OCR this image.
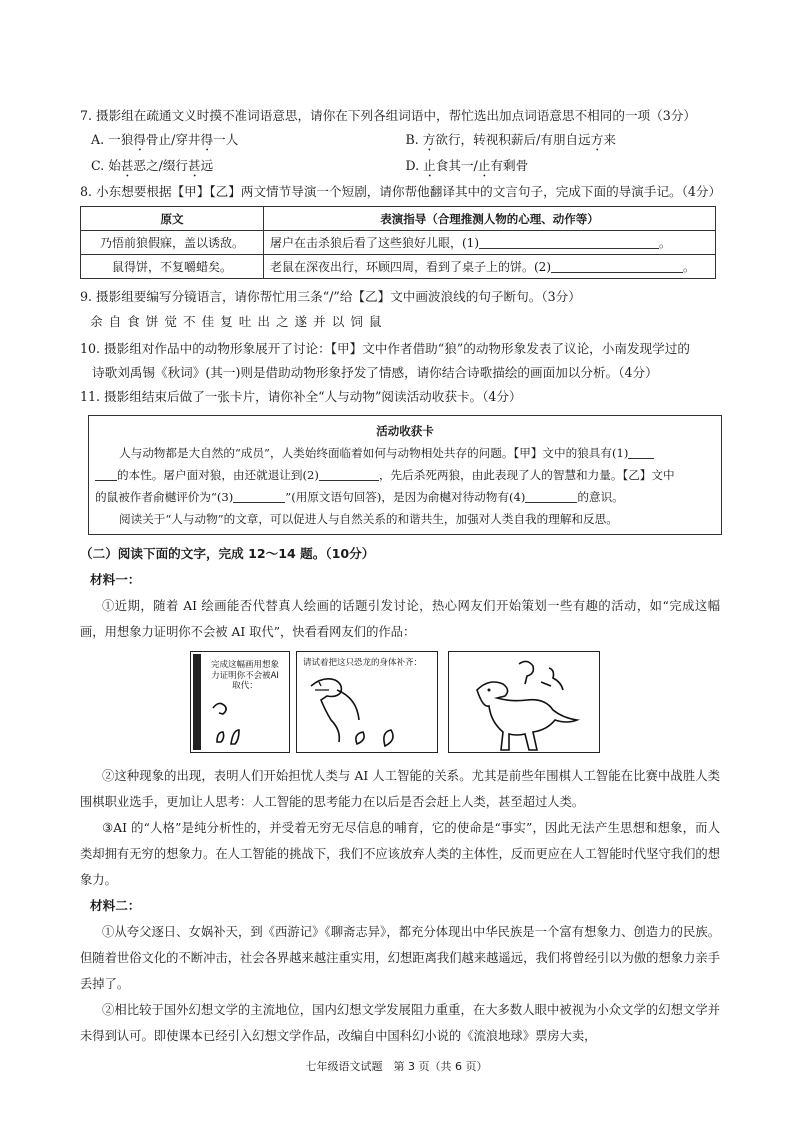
7. 摄影组在疏通文义时摸不准词语意思，请你在下列各组词语中，帮忙选出加点词语意思不相同的一项（3分）

A. 一狼得骨止/穿井得一人	B. 方欲行，转视积薪后/有朋自远方来
C. 始甚恶之/缀行甚远	D. 止食其一/止有剩骨

8. 小东想要根据【甲】【乙】两文情节导演一个短剧，请你帮他翻译其中的文言句子，完成下面的导演手记。（4分）

原文	表演指导（合理推测人物的心理、动作等）
乃悟前狼假寐，盖以诱敌。	屠户在击杀狼后看了这些狼好儿眼，(1) 。
鼠得饼，不复嚼蜡矣。	老鼠在深夜出行，环顾四周，看到了桌子上的饼。(2) 。

9. 摄影组要编写分镜语言，请你帮忙用三条“/”给【乙】文中画波浪线的句子断句。（3分）

余自食饼觉不佳复吐出之遂并以饲鼠

10. 摄影组对作品中的动物形象展开了讨论：【甲】文中作者借助“狼”的动物形象发表了议论，小南发现学过的

诗歌刘禹锡《秋词》(其一)则是借助动物形象抒发了情感，请你结合诗歌描绘的画面加以分析。（4分）

11. 摄影组结束后做了一张卡片，请你补全“人与动物”阅读活动收获卡。（4分）

活动收获卡

人与动物都是大自然的“成员”，人类始终面临着如何与动物相处共存的问题。【甲】文中的狼具有(1)

的本性。屠户面对狼，由还就退让到(2)	，先后杀死两狼，由此表现了人的智慧和力量。【乙】文中

的鼠被作者俞樾评价为“(3)	”(用原文语句回答)，是因为俞樾对待动物有(4)	的意识。

阅读关于“人与动物”的文章，可以促进人与自然关系的和谐共生，加强对人类自我的理解和反思。

（二）阅读下面的文字，完成 12～14 题。（10分）
材料一：

①近期，随着 AI 绘画能否代替真人绘画的话题引发讨论，热心网友们开始策划一些有趣的活动，如“完成这幅画，用想象力证明你不会被 AI 取代”，快看看网友们的作品：

完成这幅画用想象力证明你不会被AI取代：
请试着把这只恐龙的身体补齐：

②这种现象的出现，表明人们开始担忧人类与 AI 人工智能的关系。尤其是前些年围棋人工智能在比赛中战胜人类围棋职业选手，更加让人思考：人工智能的思考能力在以后是否会赶上人类，甚至超过人类。

③AI 的“人格”是纯分析性的，并受着无穷无尽信息的哺育，它的使命是“事实”，因此无法产生思想和想象，而人类却拥有无穷的想象力。在人工智能的挑战下，我们不应该放弃人类的主体性，反而更应在人工智能时代坚守我们的想象力。

材料二：

①从夸父逐日、女娲补天，到《西游记》《聊斋志异》，都充分体现出中华民族是一个富有想象力、创造力的民族。但随着世俗文化的不断冲击，社会各界越来越注重实用，幻想距离我们越来越遥远，我们将曾经引以为傲的想象力亲手丢掉了。

②相比较于国外幻想文学的主流地位，国内幻想文学发展阻力重重，在大多数人眼中被视为小众文学的幻想文学并未得到认可。即使课本已经引入幻想文学作品，改编自中国科幻小说的《流浪地球》票房大卖，

七年级语文试题　第 3 页（共 6 页）
